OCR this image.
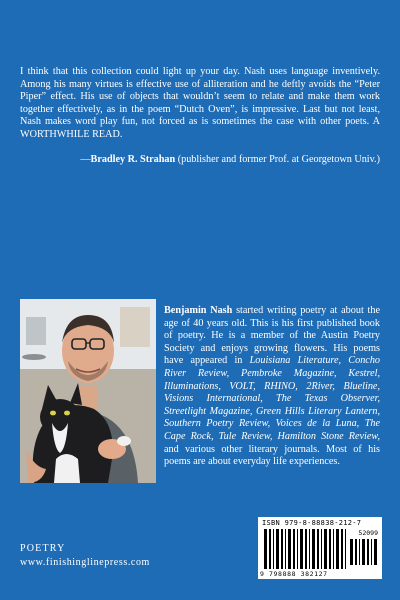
I think that this collection could light up your day. Nash uses language inventively. Among his many virtues is effective use of alliteration and he deftly avoids the “Peter Piper” effect. His use of objects that wouldn’t seem to relate and make them work together effectively, as in the poem “Dutch Oven”, is impressive. Last but not least, Nash makes word play fun, not forced as is sometimes the case with other poets. A WORTHWHILE READ.

—Bradley R. Strahan (publisher and former Prof. at Georgetown Univ.)

Benjamin Nash started writing poetry at about the age of 40 years old. This is his first published book of poetry. He is a member of the Austin Poetry Society and enjoys growing flowers. His poems have appeared in Louisiana Literature, Concho River Review, Pembroke Magazine, Kestrel, Illuminations, VOLT, RHINO, 2River, Blueline, Visions International, The Texas Observer, Streetlight Magazine, Green Hills Literary Lantern, Southern Poetry Review, Voices de la Luna, The Cape Rock, Tule Review, Hamilton Stone Review, and various other literary journals. Most of his poems are about everyday life experiences.

POETRY

www.finishinglinepress.com

ISBN 979-8-88838-212-7
52099
9 798888 382127
